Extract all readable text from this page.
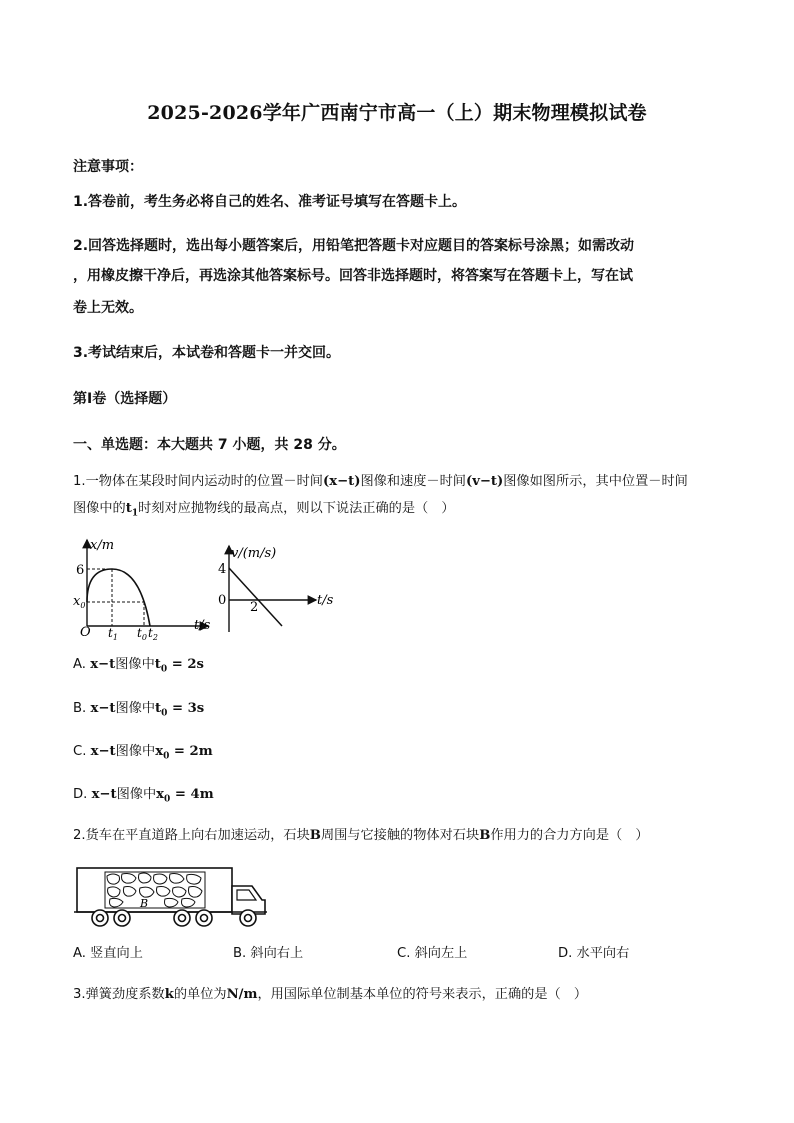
2025-2026学年广西南宁市高一（上）期末物理模拟试卷
注意事项：
1.答卷前，考生务必将自己的姓名、准考证号填写在答题卡上。
2.回答选择题时，选出每小题答案后，用铅笔把答题卡对应题目的答案标号涂黑；如需改动
，用橡皮擦干净后，再选涂其他答案标号。回答非选择题时，将答案写在答题卡上，写在试
卷上无效。
3.考试结束后，本试卷和答题卡一并交回。
第Ⅰ卷（选择题）
一、单选题：本大题共 7 小题，共 28 分。
1.一物体在某段时间内运动时的位置－时间(x−t)图像和速度－时间(v−t)图像如图所示，其中位置－时间
图像中的$t_1$时刻对应抛物线的最高点，则以下说法正确的是（　）
x/m
t/s
6
$x_0$
O $t_1$ $t_0$ $t_2$
v/(m/s)
t/s
4
0 2
A. x−t图像中$t_0 = 2s$
B. x−t图像中$t_0 = 3s$
C. x−t图像中$x_0 = 2m$
D. x−t图像中$x_0 = 4m$
2.货车在平直道路上向右加速运动，石块B周围与它接触的物体对石块B作用力的合力方向是（　）
B
A. 竖直向上	B. 斜向右上	C. 斜向左上	D. 水平向右
3.弹簧劲度系数k的单位为N/m，用国际单位制基本单位的符号来表示，正确的是（　）
